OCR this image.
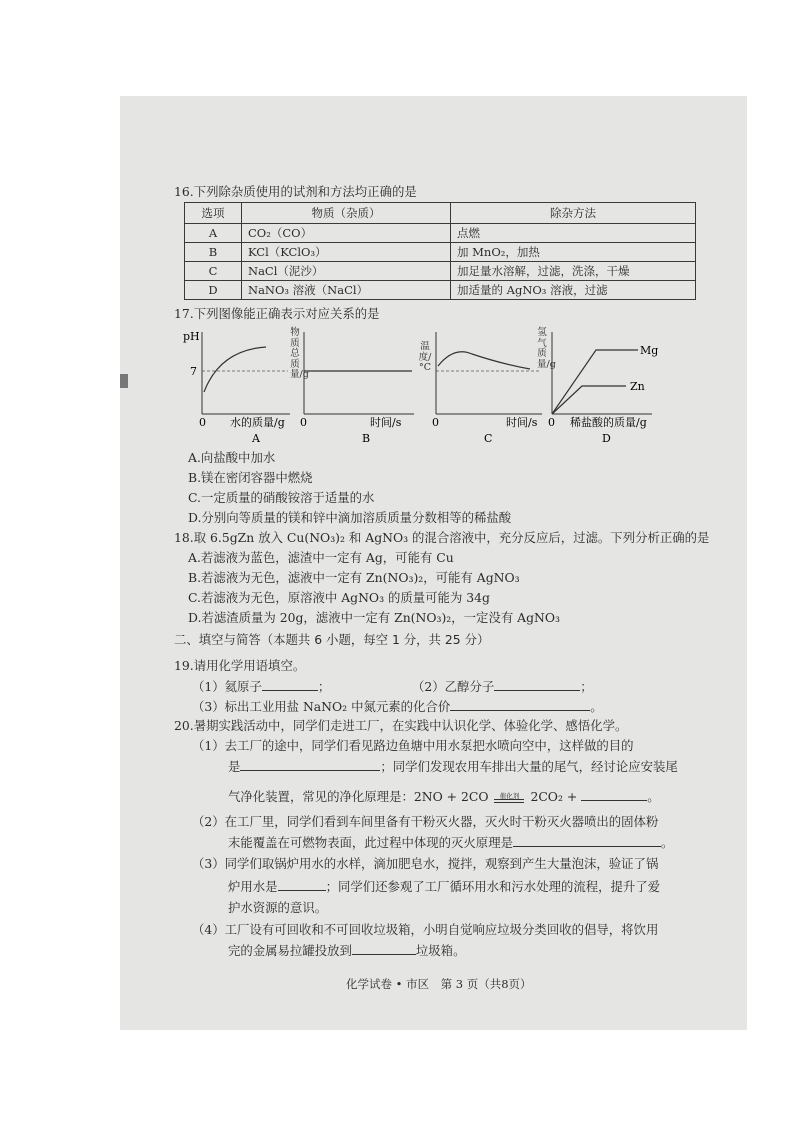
16.下列除杂质使用的试剂和方法均正确的是
选项	物质（杂质）	除杂方法
A	CO₂（CO）	点燃
B	KCl（KClO₃）	加 MnO₂，加热
C	NaCl（泥沙）	加足量水溶解，过滤，洗涤，干燥
D	NaNO₃ 溶液（NaCl）	加适量的 AgNO₃ 溶液，过滤
17.下列图像能正确表示对应关系的是
pH
7
0 水的质量/g
A
物质总质量/g
0	时间/s
B
温度/°C
0	时间/s
C
氢气质量/g
Mg
Zn
0 稀盐酸的质量/g
D
A.向盐酸中加水
B.镁在密闭容器中燃烧
C.一定质量的硝酸铵溶于适量的水
D.分别向等质量的镁和锌中滴加溶质质量分数相等的稀盐酸
18.取 6.5gZn 放入 Cu(NO₃)₂ 和 AgNO₃ 的混合溶液中，充分反应后，过滤。下列分析正确的是
A.若滤液为蓝色，滤渣中一定有 Ag，可能有 Cu
B.若滤液为无色，滤液中一定有 Zn(NO₃)₂，可能有 AgNO₃
C.若滤液为无色，原溶液中 AgNO₃ 的质量可能为 34g
D.若滤渣质量为 20g，滤液中一定有 Zn(NO₃)₂，一定没有 AgNO₃
二、填空与简答（本题共 6 小题，每空 1 分，共 25 分）
19.请用化学用语填空。
（1）氦原子	；	（2）乙醇分子	；
（3）标出工业用盐 NaNO₂ 中氮元素的化合价	。
20.暑期实践活动中，同学们走进工厂，在实践中认识化学、体验化学、感悟化学。
（1）去工厂的途中，同学们看见路边鱼塘中用水泵把水喷向空中，这样做的目的
是	；同学们发现农用车排出大量的尾气，经讨论应安装尾
气净化装置，常见的净化原理是：2NO + 2CO	催化剂 2CO₂ +	。
（2）在工厂里，同学们看到车间里备有干粉灭火器，灭火时干粉灭火器喷出的固体粉
末能覆盖在可燃物表面，此过程中体现的灭火原理是	。
（3）同学们取锅炉用水的水样，滴加肥皂水，搅拌，观察到产生大量泡沫，验证了锅
炉用水是	；同学们还参观了工厂循环用水和污水处理的流程，提升了爱
护水资源的意识。
（4）工厂设有可回收和不可回收垃圾箱，小明自觉响应垃圾分类回收的倡导，将饮用
完的金属易拉罐投放到	垃圾箱。
化学试卷 • 市区　第 3 页（共8页）
